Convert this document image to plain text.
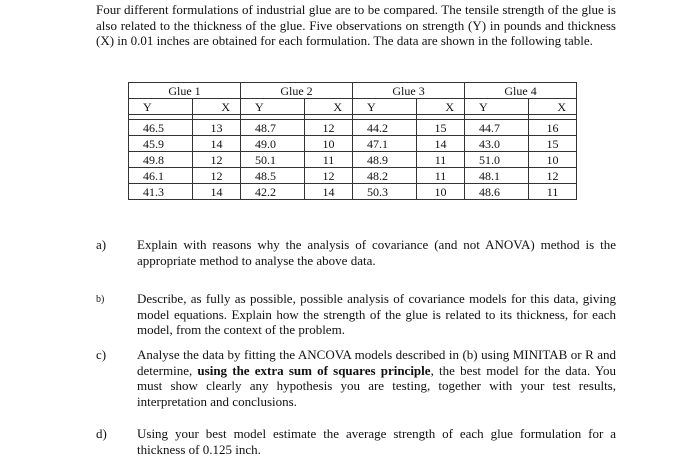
Four different formulations of industrial glue are to be compared. The tensile strength of the glue is also related to the thickness of the glue. Five observations on strength (Y) in pounds and thickness (X) in 0.01 inches are obtained for each formulation. The data are shown in the following table.

Glue 1		Glue 2		Glue 3		Glue 4	
Y	X	Y	X	Y	X	Y	X

46.5	13	48.7	12	44.2	15	44.7	16
45.9	14	49.0	10	47.1	14	43.0	15
49.8	12	50.1	11	48.9	11	51.0	10
46.1	12	48.5	12	48.2	11	48.1	12
41.3	14	42.2	14	50.3	10	48.6	11
a)	Explain with reasons why the analysis of covariance (and not ANOVA) method is the appropriate method to analyse the above data.
b)	Describe, as fully as possible, possible analysis of covariance models for this data, giving model equations. Explain how the strength of the glue is related to its thickness, for each model, from the context of the problem.
c)	Analyse the data by fitting the ANCOVA models described in (b) using MINITAB or R and determine, using the extra sum of squares principle, the best model for the data. You must show clearly any hypothesis you are testing, together with your test results, interpretation and conclusions.
d)	Using your best model estimate the average strength of each glue formulation for a thickness of 0.125 inch.
